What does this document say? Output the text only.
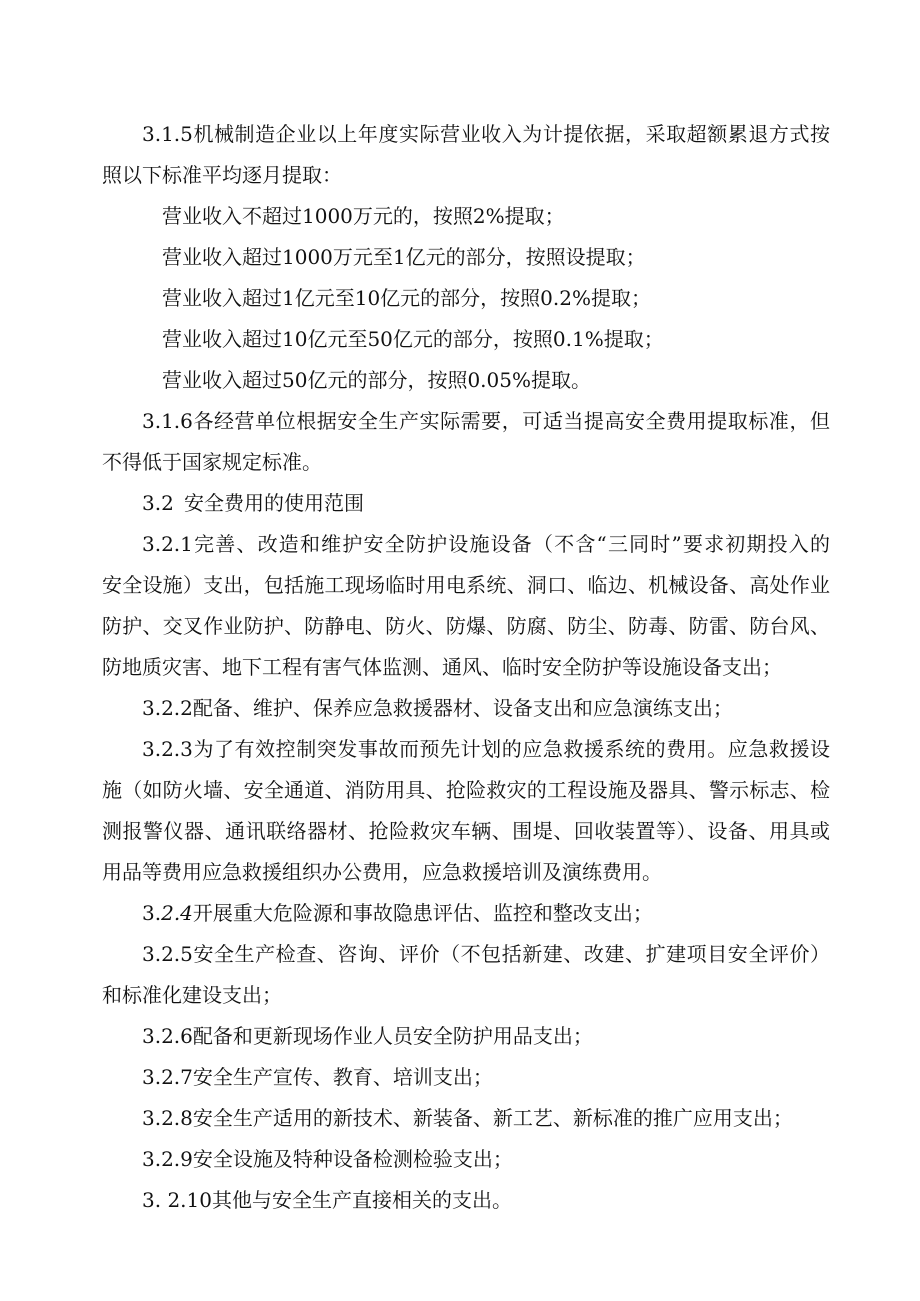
3.1.5机械制造企业以上年度实际营业收入为计提依据，采取超额累退方式按
照以下标准平均逐月提取：
营业收入不超过1000万元的，按照2%提取；
营业收入超过1000万元至1亿元的部分，按照设提取；
营业收入超过1亿元至10亿元的部分，按照0.2%提取；
营业收入超过10亿元至50亿元的部分，按照0.1%提取；
营业收入超过50亿元的部分，按照0.05%提取。
3.1.6各经营单位根据安全生产实际需要，可适当提高安全费用提取标准，但
不得低于国家规定标准。
3.2 安全费用的使用范围
3.2.1完善、改造和维护安全防护设施设备（不含“三同时”要求初期投入的
安全设施）支出，包括施工现场临时用电系统、洞口、临边、机械设备、高处作业
防护、交叉作业防护、防静电、防火、防爆、防腐、防尘、防毒、防雷、防台风、
防地质灾害、地下工程有害气体监测、通风、临时安全防护等设施设备支出；
3.2.2配备、维护、保养应急救援器材、设备支出和应急演练支出；
3.2.3为了有效控制突发事故而预先计划的应急救援系统的费用。应急救援设
施（如防火墙、安全通道、消防用具、抢险救灾的工程设施及器具、警示标志、检
测报警仪器、通讯联络器材、抢险救灾车辆、围堤、回收装置等）、设备、用具或
用品等费用应急救援组织办公费用，应急救援培训及演练费用。
3.2.4开展重大危险源和事故隐患评估、监控和整改支出；
3.2.5安全生产检查、咨询、评价（不包括新建、改建、扩建项目安全评价）
和标准化建设支出；
3.2.6配备和更新现场作业人员安全防护用品支出；
3.2.7安全生产宣传、教育、培训支出；
3.2.8安全生产适用的新技术、新装备、新工艺、新标准的推广应用支出；
3.2.9安全设施及特种设备检测检验支出；
3. 2.10其他与安全生产直接相关的支出。
